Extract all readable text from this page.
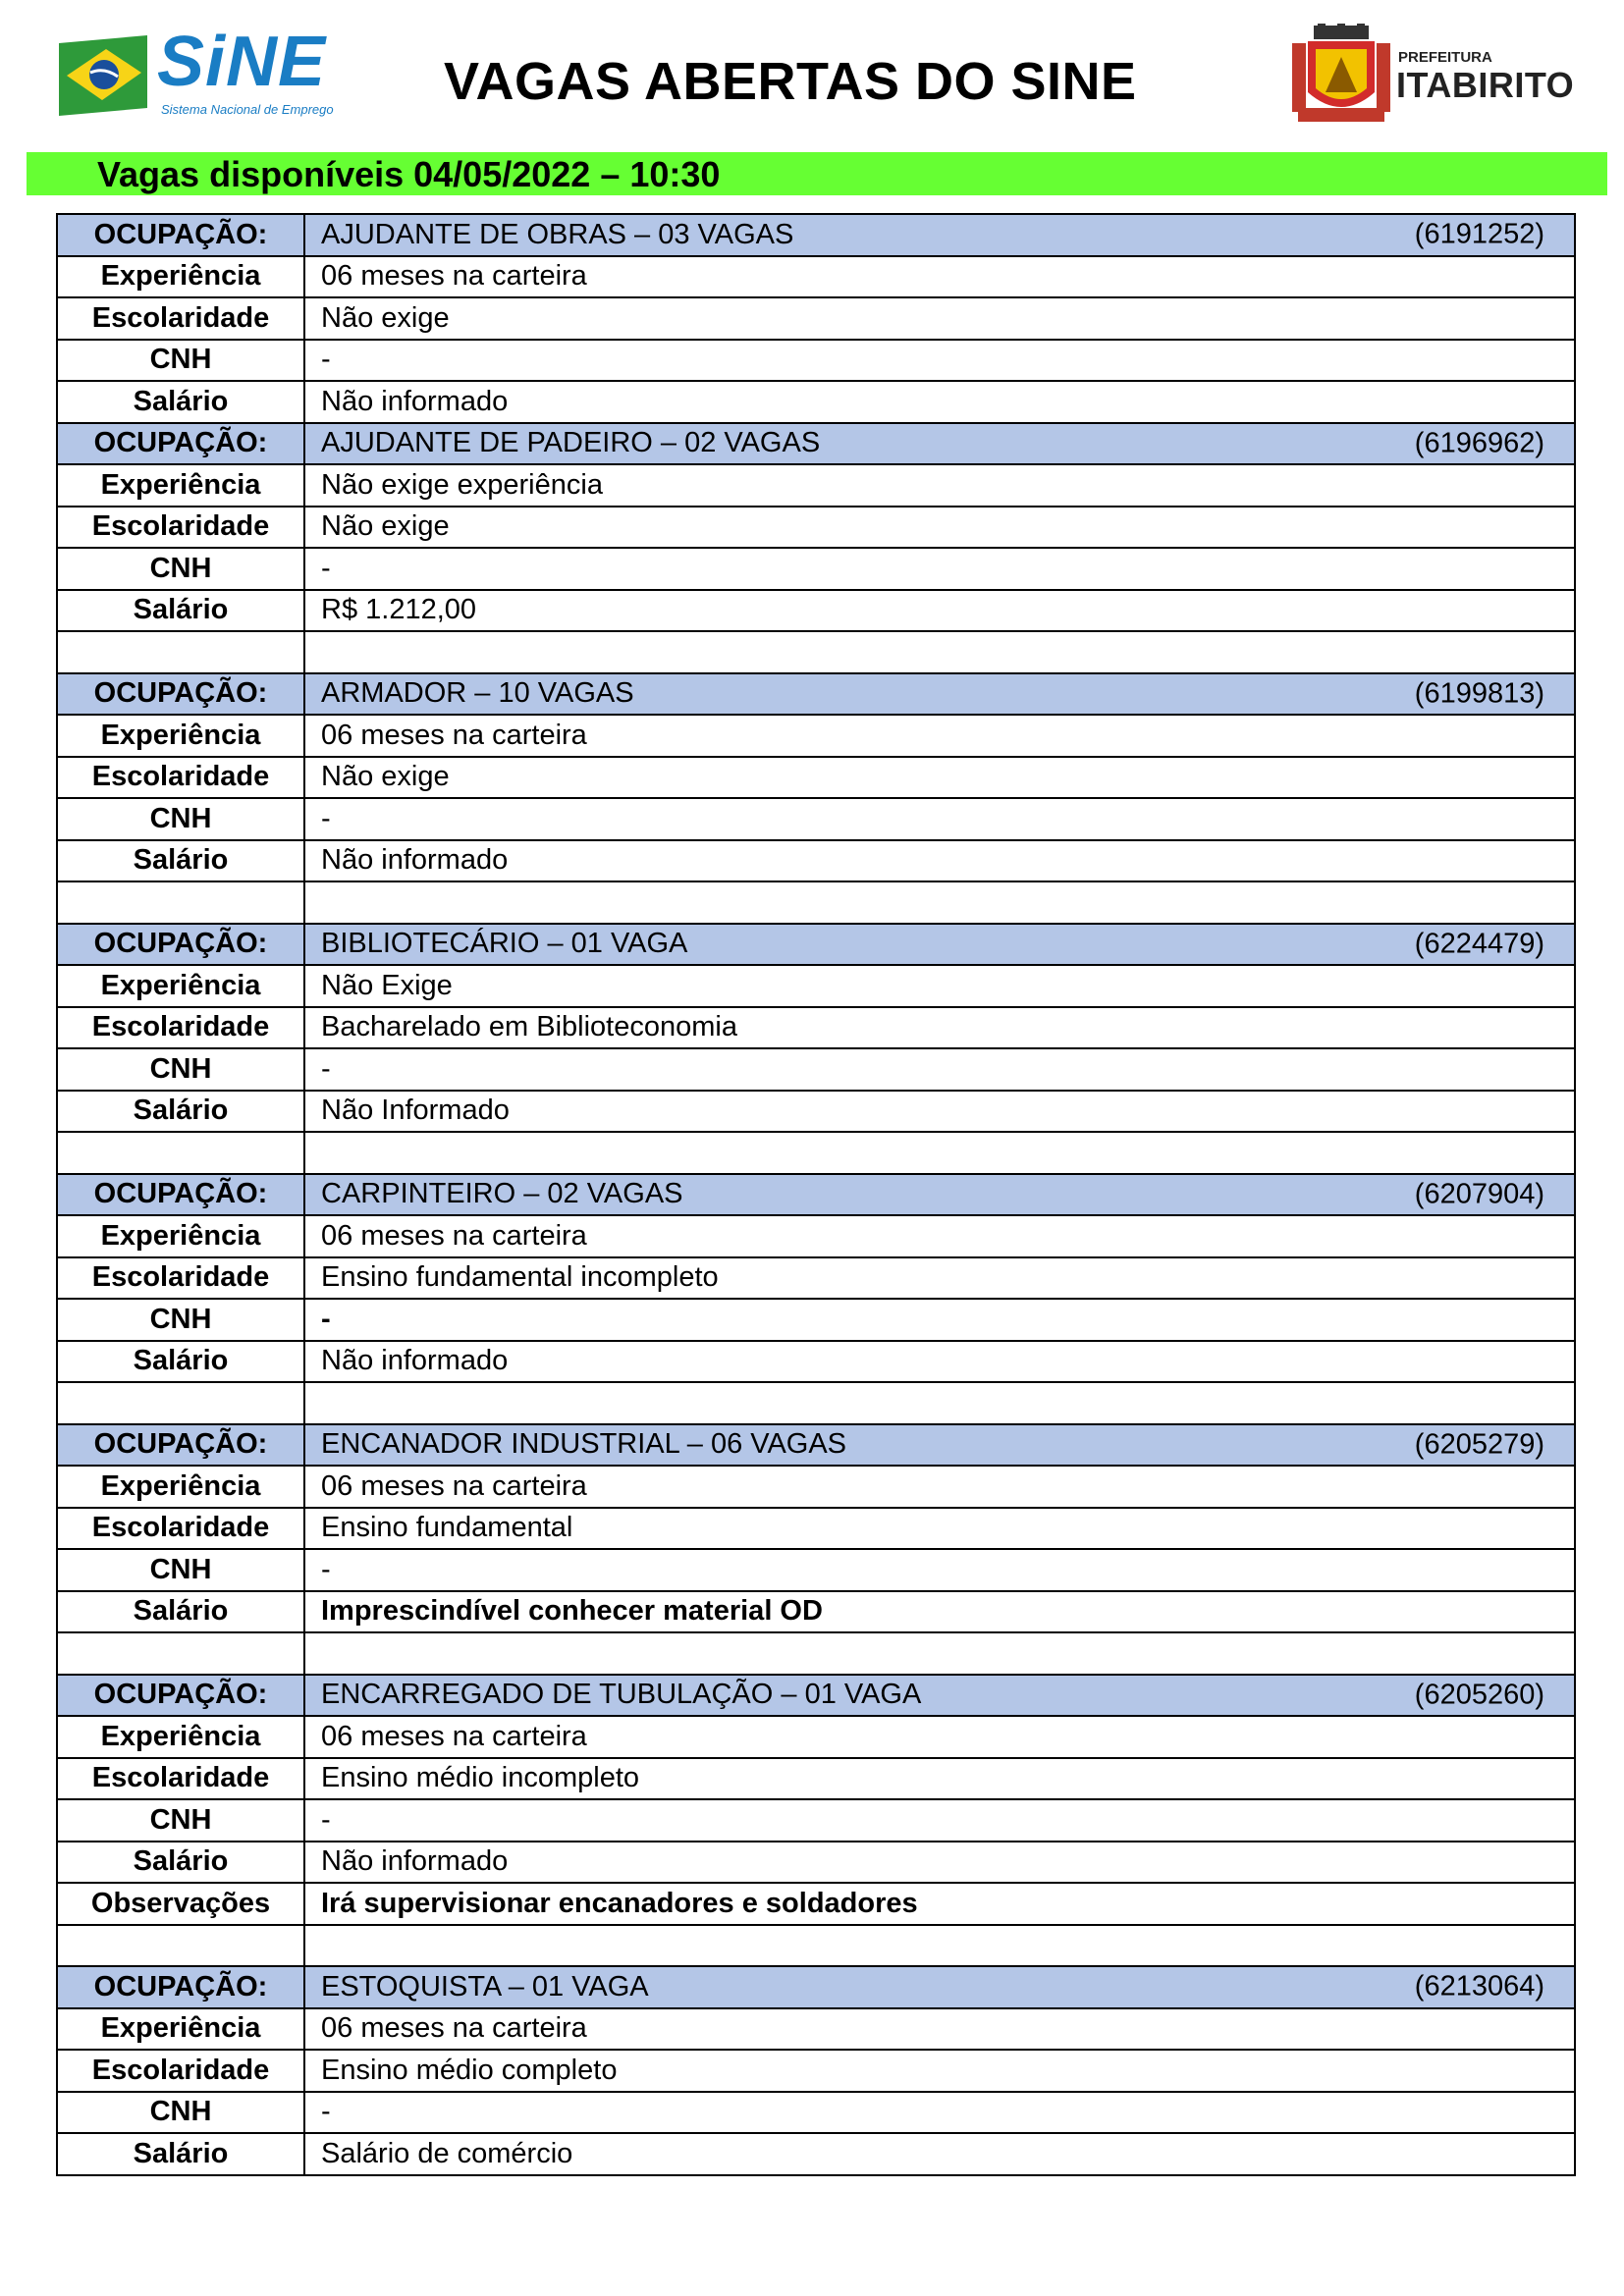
SiNE
Sistema Nacional de Emprego VAGAS ABERTAS DO SINE	PREFEITURA
ITABIRITO
Vagas disponíveis 04/05/2022 – 10:30
OCUPAÇÃO:	AJUDANTE DE OBRAS – 03 VAGAS (6191252)

Experiência	06 meses na carteira
Escolaridade	Não exige
CNH	-
Salário	Não informado
OCUPAÇÃO:	AJUDANTE DE PADEIRO – 02 VAGAS (6196962)

Experiência	Não exige experiência
Escolaridade	Não exige
CNH	-
Salário	R$ 1.212,00

OCUPAÇÃO:	ARMADOR – 10 VAGAS (6199813)

Experiência	06 meses na carteira
Escolaridade	Não exige
CNH	-
Salário	Não informado

OCUPAÇÃO:	BIBLIOTECÁRIO – 01 VAGA (6224479)

Experiência	Não Exige
Escolaridade	Bacharelado em Biblioteconomia
CNH	-
Salário	Não Informado

OCUPAÇÃO:	CARPINTEIRO – 02 VAGAS (6207904)

Experiência	06 meses na carteira
Escolaridade	Ensino fundamental incompleto
CNH	-
Salário	Não informado

OCUPAÇÃO:	ENCANADOR INDUSTRIAL – 06 VAGAS (6205279)

Experiência	06 meses na carteira
Escolaridade	Ensino fundamental
CNH	-
Salário	Imprescindível conhecer material OD

OCUPAÇÃO:	ENCARREGADO DE TUBULAÇÃO – 01 VAGA (6205260)

Experiência	06 meses na carteira
Escolaridade	Ensino médio incompleto
CNH	-
Salário	Não informado
Observações	Irá supervisionar encanadores e soldadores

OCUPAÇÃO:	ESTOQUISTA – 01 VAGA (6213064)

Experiência	06 meses na carteira
Escolaridade	Ensino médio completo
CNH	-
Salário	Salário de comércio
